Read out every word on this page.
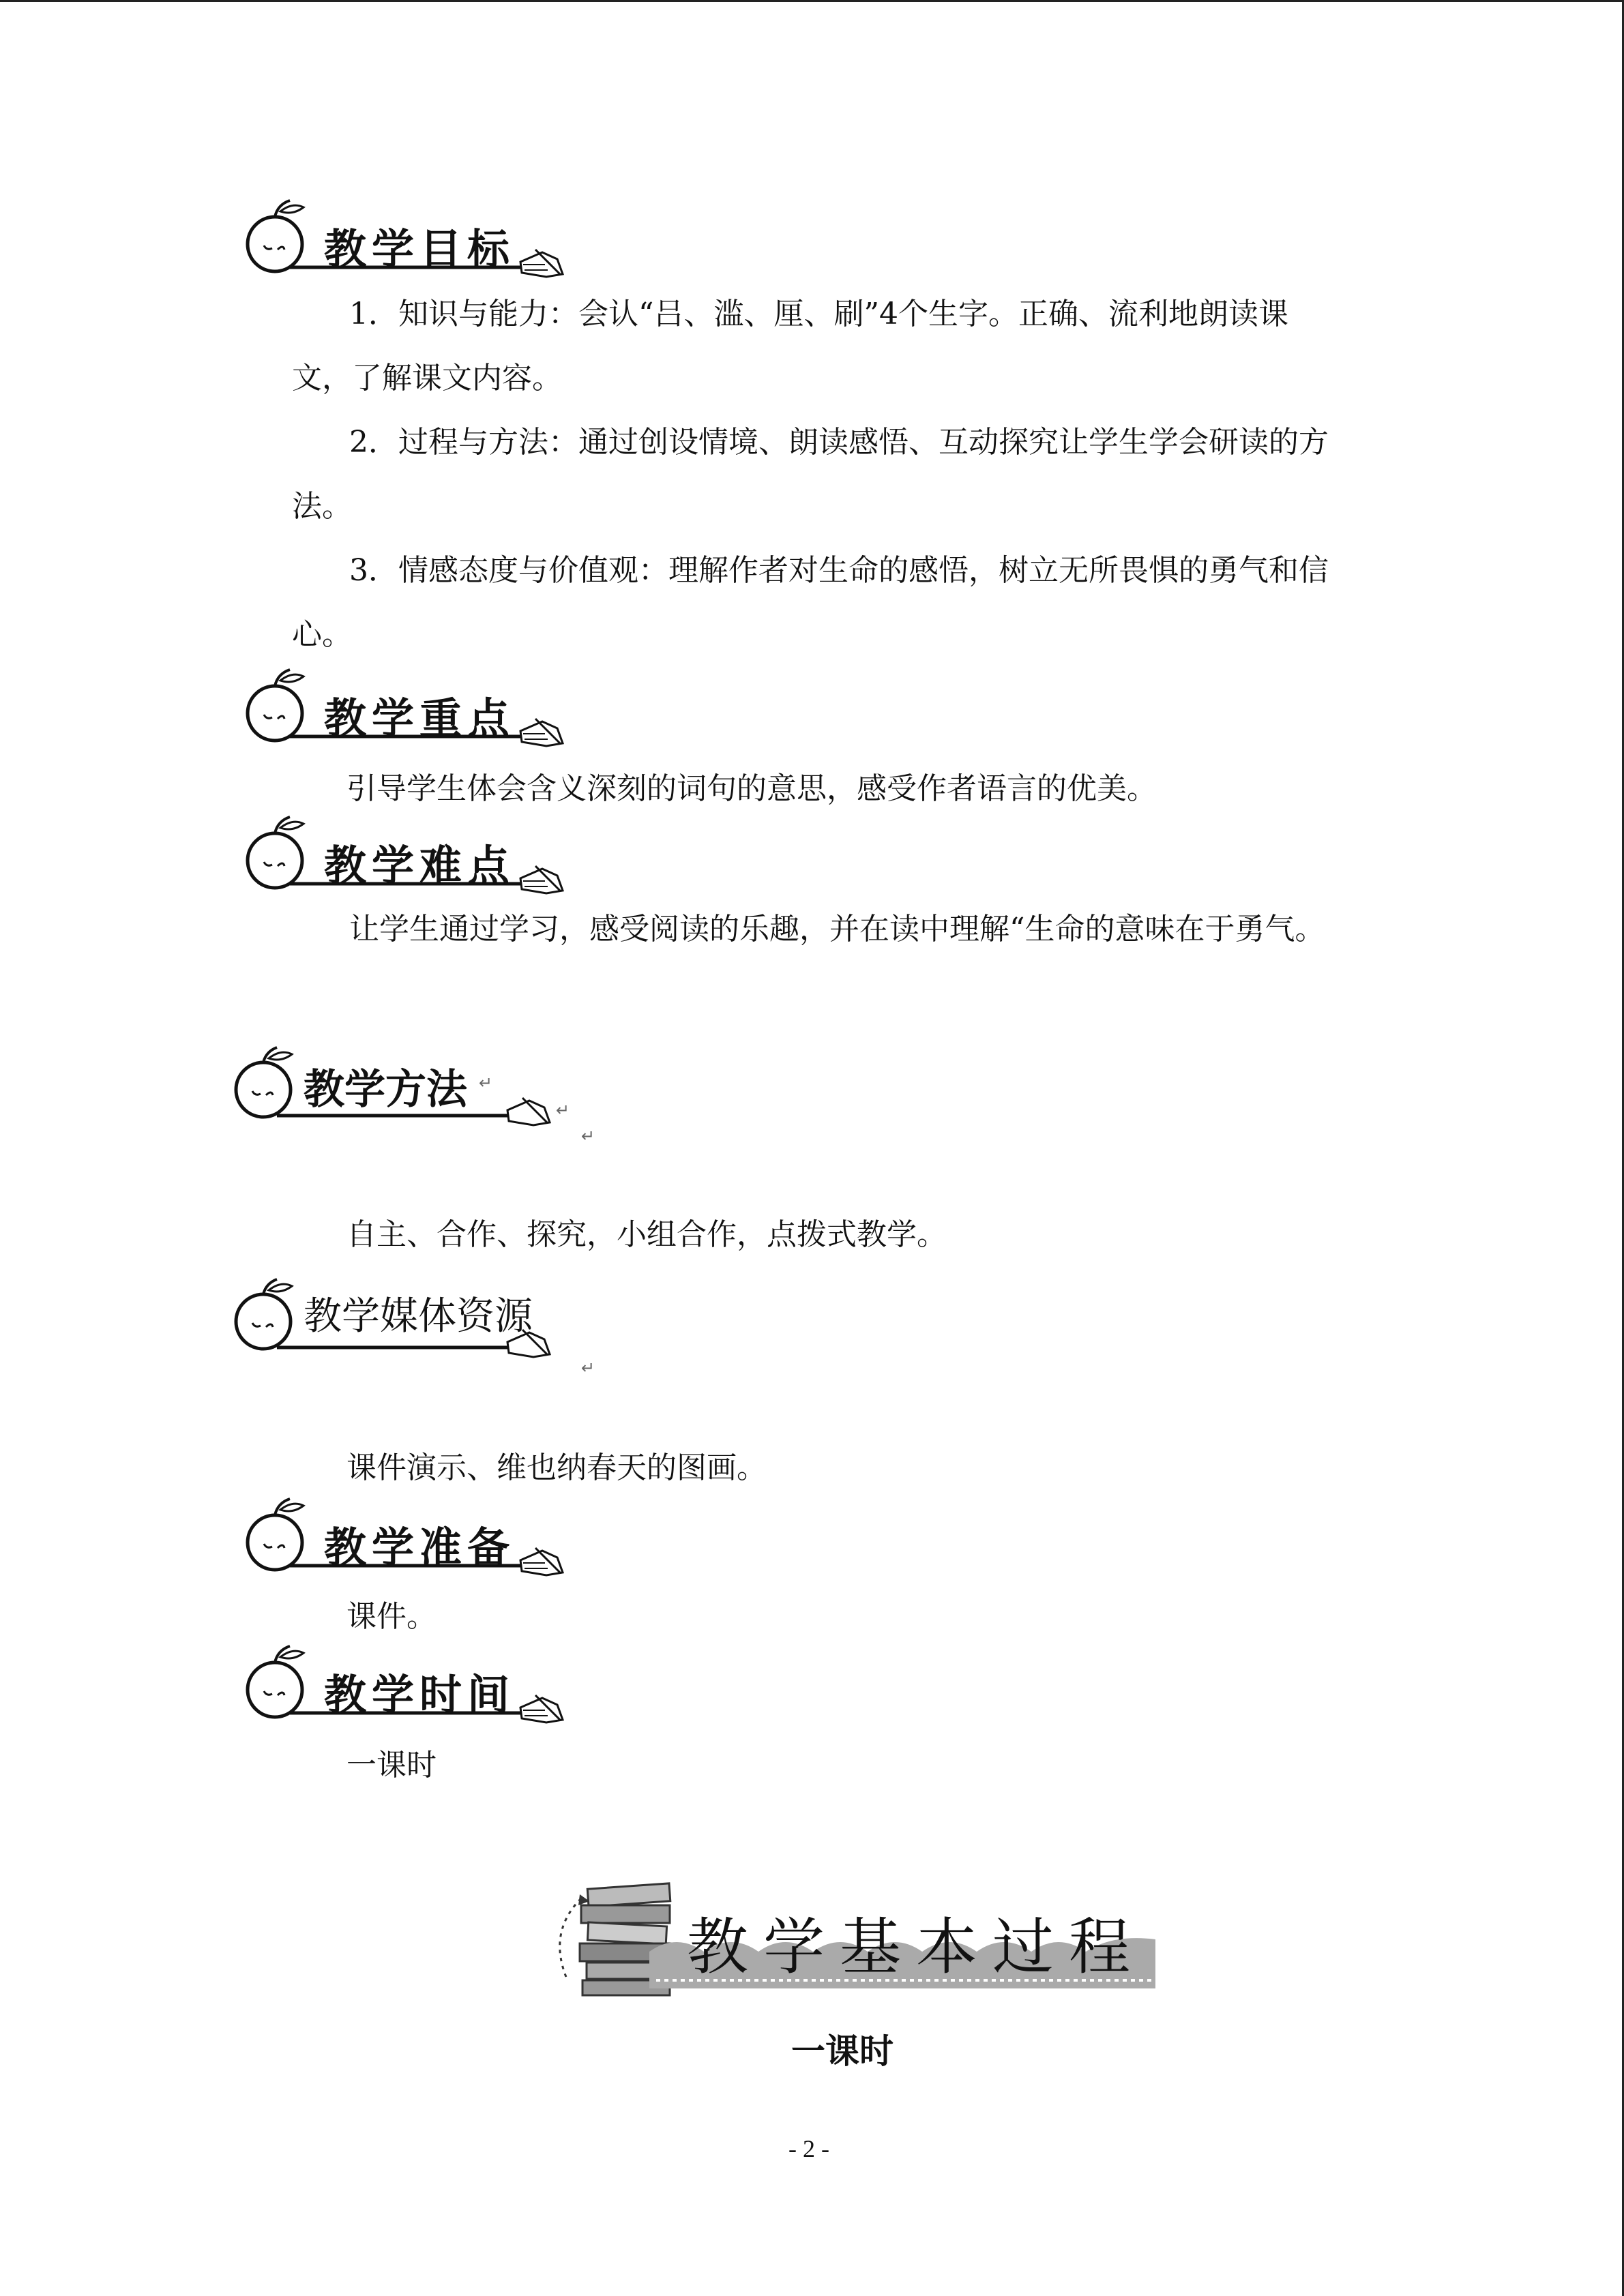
教学目标

1．知识与能力：会认“吕、滥、厘、刷”4个生字。正确、流利地朗读课文，了解课文内容。

2．过程与方法：通过创设情境、朗读感悟、互动探究让学生学会研读的方法。

3．情感态度与价值观：理解作者对生命的感悟，树立无所畏惧的勇气和信心。

教学重点

引导学生体会含义深刻的词句的意思，感受作者语言的优美。

教学难点

让学生通过学习，感受阅读的乐趣，并在读中理解“生命的意味在于勇气。

教学方法 ↵
↵
↵

自主、合作、探究，小组合作，点拨式教学。

教学媒体资源
↵

课件演示、维也纳春天的图画。

教学准备

课件。

教学时间

一课时

教学基本过程
一课时
- 2 -
